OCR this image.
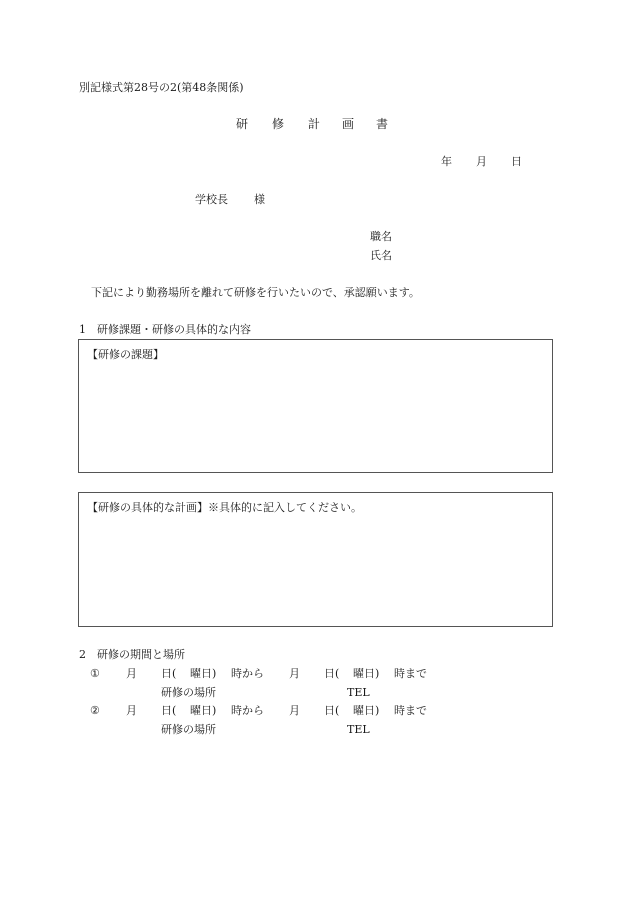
別記様式第28号の2(第48条関係)
研 修 計 画 書
年 月 日
学校長 様
職名
氏名
下記により勤務場所を離れて研修を行いたいので、承認願います。
1　研修課題・研修の具体的な内容
【研修の課題】
【研修の具体的な計画】※具体的に記入してください。
2　研修の期間と場所
① 月 日( 曜日) 時から 月 日( 曜日) 時まで
研修の場所	TEL
② 月 日( 曜日) 時から 月 日( 曜日) 時まで
研修の場所	TEL
